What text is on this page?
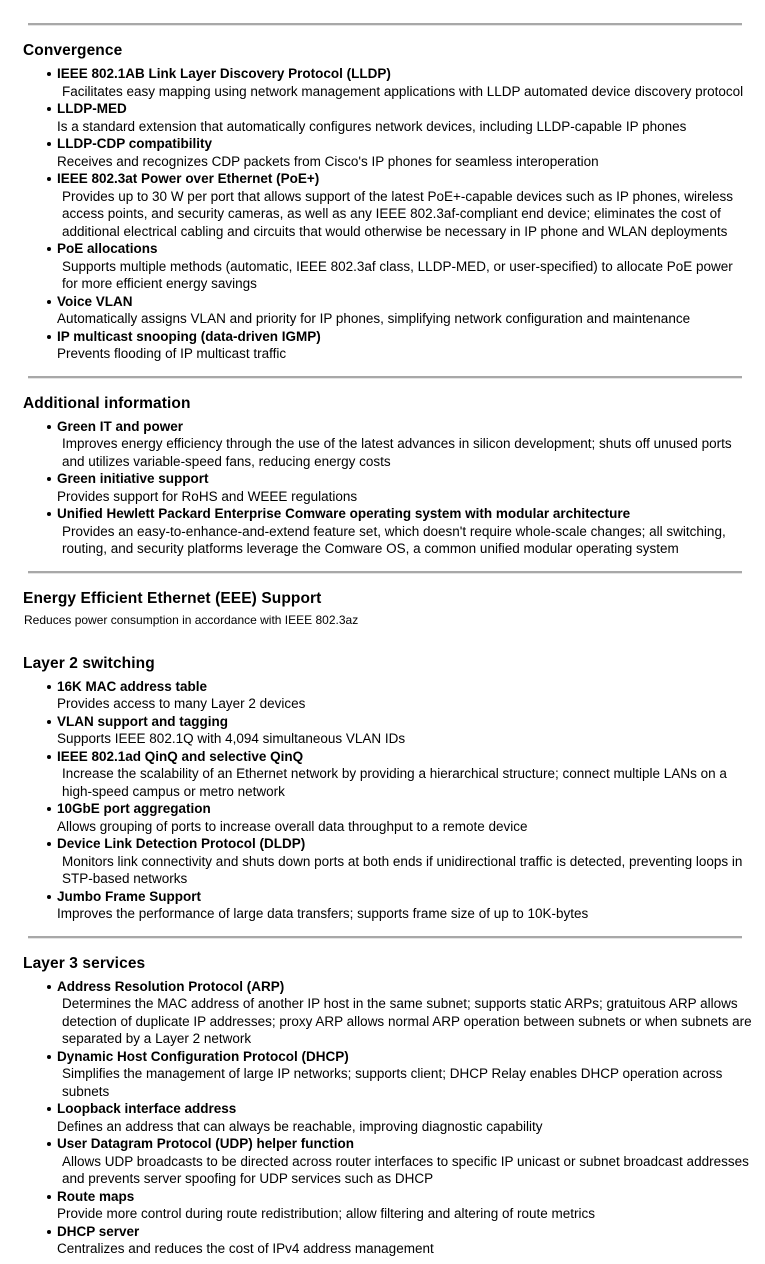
Convergence
IEEE 802.1AB Link Layer Discovery Protocol (LLDP)
Facilitates easy mapping using network management applications with LLDP automated device discovery protocol
LLDP-MED
Is a standard extension that automatically configures network devices, including LLDP-capable IP phones
LLDP-CDP compatibility
Receives and recognizes CDP packets from Cisco's IP phones for seamless interoperation
IEEE 802.3at Power over Ethernet (PoE+)
Provides up to 30 W per port that allows support of the latest PoE+-capable devices such as IP phones, wireless access points, and security cameras, as well as any IEEE 802.3af-compliant end device; eliminates the cost of additional electrical cabling and circuits that would otherwise be necessary in IP phone and WLAN deployments
PoE allocations
Supports multiple methods (automatic, IEEE 802.3af class, LLDP-MED, or user-specified) to allocate PoE power for more efficient energy savings
Voice VLAN
Automatically assigns VLAN and priority for IP phones, simplifying network configuration and maintenance
IP multicast snooping (data-driven IGMP)
Prevents flooding of IP multicast traffic
Additional information
Green IT and power
Improves energy efficiency through the use of the latest advances in silicon development; shuts off unused ports and utilizes variable-speed fans, reducing energy costs
Green initiative support
Provides support for RoHS and WEEE regulations
Unified Hewlett Packard Enterprise Comware operating system with modular architecture
Provides an easy-to-enhance-and-extend feature set, which doesn't require whole-scale changes; all switching, routing, and security platforms leverage the Comware OS, a common unified modular operating system
Energy Efficient Ethernet (EEE) Support

Reduces power consumption in accordance with IEEE 802.3az

Layer 2 switching
16K MAC address table
Provides access to many Layer 2 devices
VLAN support and tagging
Supports IEEE 802.1Q with 4,094 simultaneous VLAN IDs
IEEE 802.1ad QinQ and selective QinQ
Increase the scalability of an Ethernet network by providing a hierarchical structure; connect multiple LANs on a high-speed campus or metro network
10GbE port aggregation
Allows grouping of ports to increase overall data throughput to a remote device
Device Link Detection Protocol (DLDP)
Monitors link connectivity and shuts down ports at both ends if unidirectional traffic is detected, preventing loops in STP-based networks
Jumbo Frame Support
Improves the performance of large data transfers; supports frame size of up to 10K-bytes
Layer 3 services
Address Resolution Protocol (ARP)
Determines the MAC address of another IP host in the same subnet; supports static ARPs; gratuitous ARP allows detection of duplicate IP addresses; proxy ARP allows normal ARP operation between subnets or when subnets are separated by a Layer 2 network
Dynamic Host Configuration Protocol (DHCP)
Simplifies the management of large IP networks; supports client; DHCP Relay enables DHCP operation across subnets
Loopback interface address
Defines an address that can always be reachable, improving diagnostic capability
User Datagram Protocol (UDP) helper function
Allows UDP broadcasts to be directed across router interfaces to specific IP unicast or subnet broadcast addresses and prevents server spoofing for UDP services such as DHCP
Route maps
Provide more control during route redistribution; allow filtering and altering of route metrics
DHCP server
Centralizes and reduces the cost of IPv4 address management
